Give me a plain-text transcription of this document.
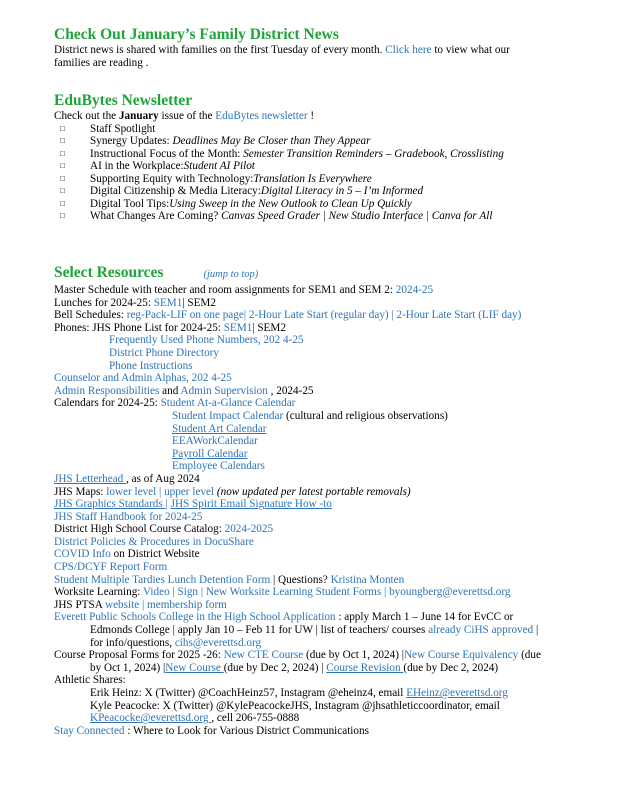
Check Out January’s Family District News
District news is shared with families on the first Tuesday of every month. Click here to view what our
families are reading .
EduBytes Newsletter
Check out the January issue of the EduBytes newsletter !
□	Staff Spotlight
□	Synergy Updates: Deadlines May Be Closer than They Appear
□	Instructional Focus of the Month: Semester Transition Reminders – Gradebook, Crosslisting
□	AI in the Workplace:Student AI Pilot
□	Supporting Equity with Technology:Translation Is Everywhere
□	Digital Citizenship & Media Literacy:Digital Literacy in 5 – I’m Informed
□	Digital Tool Tips:Using Sweep in the New Outlook to Clean Up Quickly
□	What Changes Are Coming? Canvas Speed Grader | New Studio Interface | Canva for All
Select Resources	(jump to top)
Master Schedule with teacher and room assignments for SEM1 and SEM 2: 2024-25
Lunches for 2024-25: SEM1| SEM2
Bell Schedules: reg-Pack-LIF on one page| 2-Hour Late Start (regular day) | 2-Hour Late Start (LIF day)
Phones: JHS Phone List for 2024-25: SEM1| SEM2
Frequently Used Phone Numbers, 202 4-25
District Phone Directory
Phone Instructions
Counselor and Admin Alphas, 202 4-25
Admin Responsibilities and Admin Supervision , 2024-25
Calendars for 2024-25: Student At-a-Glance Calendar
Student Impact Calendar (cultural and religious observations)
Student Art Calendar
EEAWorkCalendar
Payroll Calendar
Employee Calendars
JHS Letterhead , as of Aug 2024
JHS Maps: lower level | upper level (now updated per latest portable removals)
JHS Graphics Standards | JHS Spirit Email Signature How -to
JHS Staff Handbook for 2024-25
District High School Course Catalog: 2024-2025
District Policies & Procedures in DocuShare
COVID Info on District Website
CPS/DCYF Report Form
Student Multiple Tardies Lunch Detention Form | Questions? Kristina Monten
Worksite Learning: Video | Sign | New Worksite Learning Student Forms | byoungberg@everettsd.org
JHS PTSA website | membership form
Everett Public Schools College in the High School Application : apply March 1 – June 14 for EvCC or
Edmonds College | apply Jan 10 – Feb 11 for UW | list of teachers/ courses already CiHS approved |
for info/questions, cihs@everettsd.org
Course Proposal Forms for 2025 -26: New CTE Course (due by Oct 1, 2024) |New Course Equivalency (due
by Oct 1, 2024) |New Course (due by Dec 2, 2024) | Course Revision (due by Dec 2, 2024)
Athletic Shares:
Erik Heinz: X (Twitter) @CoachHeinz57, Instagram @eheinz4, email EHeinz@everettsd.org
Kyle Peacocke: X (Twitter) @KylePeacockeJHS, Instagram @jhsathleticcoordinator, email
KPeacocke@everettsd.org , cell 206-755-0888
Stay Connected : Where to Look for Various District Communications
